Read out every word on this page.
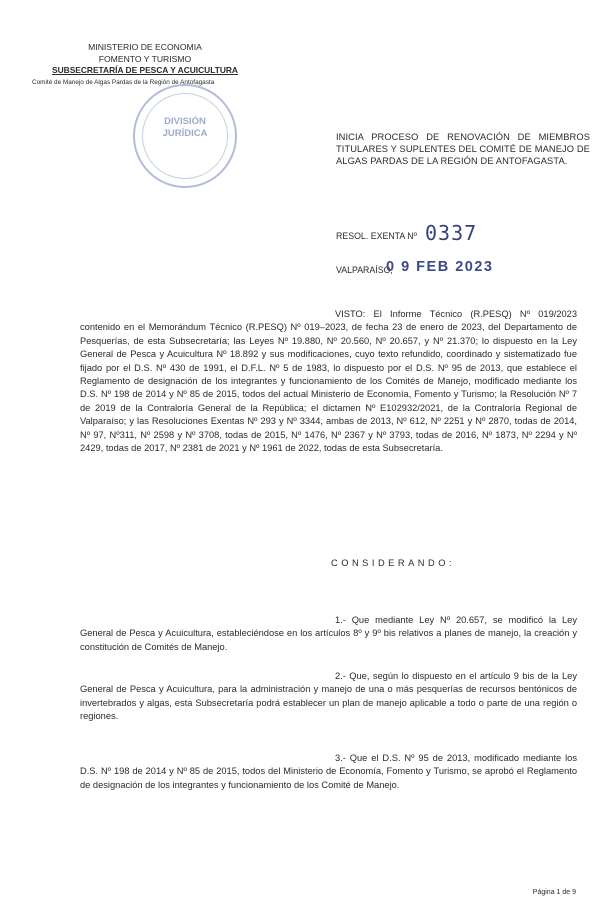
MINISTERIO DE ECONOMIA
FOMENTO Y TURISMO
SUBSECRETARÍA DE PESCA Y ACUICULTURA
Comité de Manejo de Algas Pardas de la Región de Antofagasta
DIVISIÓN
JURÍDICA	INICIA PROCESO DE RENOVACIÓN DE MIEMBROS TITULARES Y SUPLENTES DEL COMITÉ DE MANEJO DE ALGAS PARDAS DE LA REGIÓN DE ANTOFAGASTA.
RESOL. EXENTA Nº 0337
VALPARAÍSO,
0 9 FEB 2023
VISTO: El Informe Técnico (R.PESQ) Nº 019/2023 contenido en el Memorándum Técnico (R.PESQ) Nº 019–2023, de fecha 23 de enero de 2023, del Departamento de Pesquerías, de esta Subsecretaría; las Leyes Nº 19.880, Nº 20.560, Nº 20.657, y Nº 21.370; lo dispuesto en la Ley General de Pesca y Acuicultura Nº 18.892 y sus modificaciones, cuyo texto refundido, coordinado y sistematizado fue fijado por el D.S. Nº 430 de 1991, el D.F.L. Nº 5 de 1983, lo dispuesto por el D.S. Nº 95 de 2013, que establece el Reglamento de designación de los integrantes y funcionamiento de los Comités de Manejo, modificado mediante los D.S. Nº 198 de 2014 y Nº 85 de 2015, todos del actual Ministerio de Economía, Fomento y Turismo; la Resolución Nº 7 de 2019 de la Contraloría General de la República; el dictamen Nº E102932/2021, de la Contraloría Regional de Valparaíso; y las Resoluciones Exentas Nº 293 y Nº 3344, ambas de 2013, Nº 612, Nº 2251 y Nº 2870, todas de 2014, Nº 97, Nº311, Nº 2598 y Nº 3708, todas de 2015, Nº 1476, Nº 2367 y Nº 3793, todas de 2016, Nº 1873, Nº 2294 y Nº 2429, todas de 2017, Nº 2381 de 2021 y Nº 1961 de 2022, todas de esta Subsecretaría.
CONSIDERANDO:
1.- Que mediante Ley Nº 20.657, se modificó la Ley General de Pesca y Acuicultura, estableciéndose en los artículos 8º y 9º bis relativos a planes de manejo, la creación y constitución de Comités de Manejo.
2.- Que, según lo dispuesto en el artículo 9 bis de la Ley General de Pesca y Acuicultura, para la administración y manejo de una o más pesquerías de recursos bentónicos de invertebrados y algas, esta Subsecretaría podrá establecer un plan de manejo aplicable a todo o parte de una región o regiones.
3.- Que el D.S. Nº 95 de 2013, modificado mediante los D.S. Nº 198 de 2014 y Nº 85 de 2015, todos del Ministerio de Economía, Fomento y Turismo, se aprobó el Reglamento de designación de los integrantes y funcionamiento de los Comité de Manejo.
Página 1 de 9
